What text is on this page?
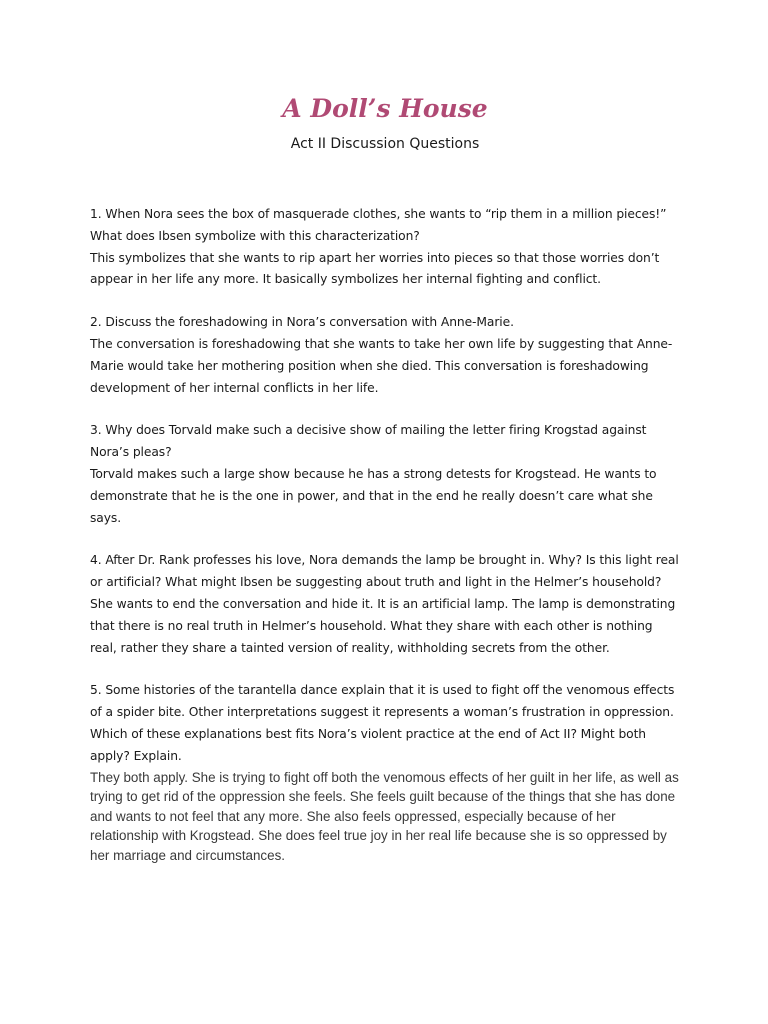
A Doll’s House
Act II Discussion Questions

1. When Nora sees the box of masquerade clothes, she wants to “rip them in a million pieces!” What does Ibsen symbolize with this characterization?

This symbolizes that she wants to rip apart her worries into pieces so that those worries don’t appear in her life any more. It basically symbolizes her internal fighting and conflict.

2. Discuss the foreshadowing in Nora’s conversation with Anne-Marie.

The conversation is foreshadowing that she wants to take her own life by suggesting that Anne-Marie would take her mothering position when she died. This conversation is foreshadowing development of her internal conflicts in her life.

3. Why does Torvald make such a decisive show of mailing the letter firing Krogstad against Nora’s pleas?

Torvald makes such a large show because he has a strong detests for Krogstead. He wants to demonstrate that he is the one in power, and that in the end he really doesn’t care what she says.

4. After Dr. Rank professes his love, Nora demands the lamp be brought in. Why? Is this light real or artificial? What might Ibsen be suggesting about truth and light in the Helmer’s household?

She wants to end the conversation and hide it. It is an artificial lamp. The lamp is demonstrating that there is no real truth in Helmer’s household. What they share with each other is nothing real, rather they share a tainted version of reality, withholding secrets from the other.

5. Some histories of the tarantella dance explain that it is used to fight off the venomous effects of a spider bite. Other interpretations suggest it represents a woman’s frustration in oppression. Which of these explanations best fits Nora’s violent practice at the end of Act II? Might both apply? Explain.

They both apply. She is trying to fight off both the venomous effects of her guilt in her life, as well as trying to get rid of the oppression she feels. She feels guilt because of the things that she has done and wants to not feel that any more. She also feels oppressed, especially because of her relationship with Krogstead. She does feel true joy in her real life because she is so oppressed by her marriage and circumstances.
